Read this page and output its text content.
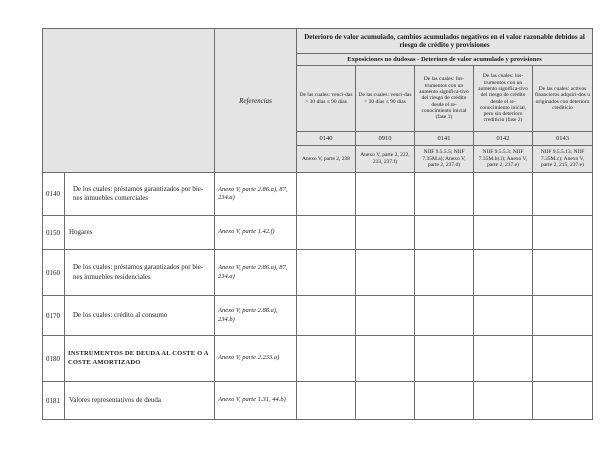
		Referencias	Deterioro de valor acumulado, cambios acumulados negativos en el valor razonable debidos al riesgo de crédito y provisiones				
			Exposiciones no dudosas - Deterioro de valor acumulado y provisiones				
			De las cuales: venci-das > 30 días ≤ 90 días	De las cuales: venci-das > 30 días ≤ 90 días	De las cuales: Ins-trumentos con un aumento significa-tivo del riesgo de crédito desde el re-conocimiento inicial (fase 1)	De las cuales: ins-trumentos con un aumento significa-tivo del riesgo de crédito desde el re-conocimiento inicial, pero sin deterioro crediticio (fase 2)	De las cuales: activos financieros adquiri-dos u originados con deterioro crediticio
			0140	0910	0141	0142	0143
			Anexo V, parte 2, 238	Anexo V, parte 2, 222, 233, 237.f)	NIIF 9.5.5.5; NIIF 7.35M.a); Anexo V, parte 2, 237.d)	NIIF 9.5.5.3; NIIF 7.35M.b).i); Anexo V, parte 2, 237.e)	NIIF 9.5.5.13; NIIF 7.35M.c); Anexo V, parte 2, 215, 237.e)
0140	De los cuales: préstamos garantizados por bie-nes inmuebles comerciales	Anexo V, parte 2.86.a), 87, 234.a)					
0150	Hogares	Anexo V, parte 1.42.f)					
0160	De los cuales: préstamos garantizados por bie-nes inmuebles residenciales	Anexo V, parte 2.86.a), 87, 234.a)					
0170	De los cuales: crédito al consumo	Anexo V, parte 2.88.a), 234.b)					
0180	INSTRUMENTOS DE DEUDA AL COSTE O A COSTE AMORTIZADO	Anexo V, parte 2.233.a)					
0181	Valores representativos de deuda	Anexo V, parte 1.31, 44.b)					
